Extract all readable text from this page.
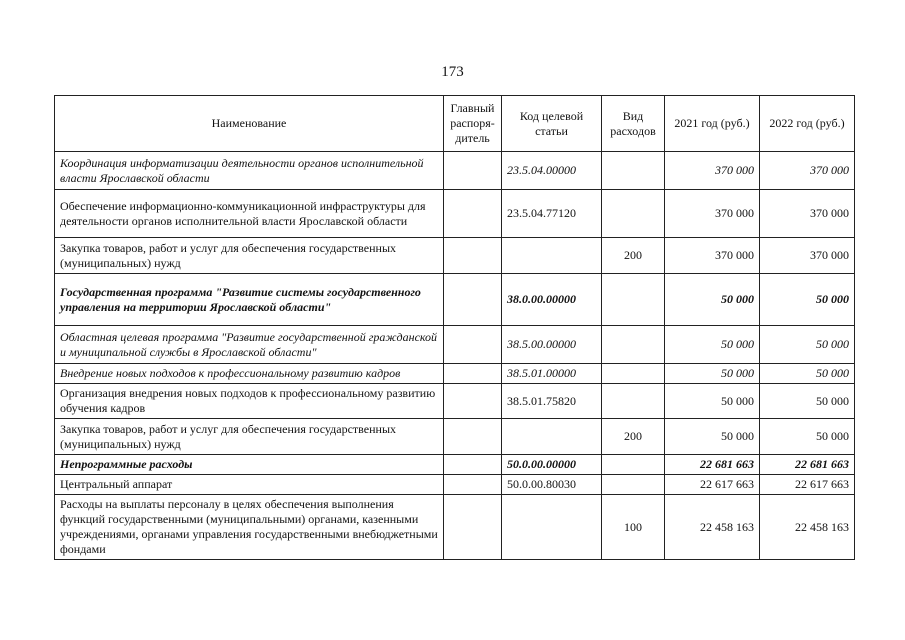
173
Наименование	Главный распоря-дитель	Код целевой статьи	Вид расходов	2021 год (руб.)	2022 год (руб.)
Координация информатизации деятельности органов исполнительной власти Ярославской области		23.5.04.00000		370 000	370 000
Обеспечение информационно-коммуникационной инфраструктуры для деятельности органов исполнительной власти Ярославской области		23.5.04.77120		370 000	370 000
Закупка товаров, работ и услуг для обеспечения государственных (муниципальных) нужд			200	370 000	370 000
Государственная программа "Развитие системы государственного управления на территории Ярославской области"		38.0.00.00000		50 000	50 000
Областная целевая программа "Развитие государственной гражданской и муниципальной службы в Ярославской области"		38.5.00.00000		50 000	50 000
Внедрение новых подходов к профессиональному развитию кадров		38.5.01.00000		50 000	50 000
Организация внедрения новых подходов к профессиональному развитию обучения кадров		38.5.01.75820		50 000	50 000
Закупка товаров, работ и услуг для обеспечения государственных (муниципальных) нужд			200	50 000	50 000
Непрограммные расходы		50.0.00.00000		22 681 663	22 681 663
Центральный аппарат		50.0.00.80030		22 617 663	22 617 663
Расходы на выплаты персоналу в целях обеспечения выполнения функций государственными (муниципальными) органами, казенными учреждениями, органами управления государственными внебюджетными фондами			100	22 458 163	22 458 163
